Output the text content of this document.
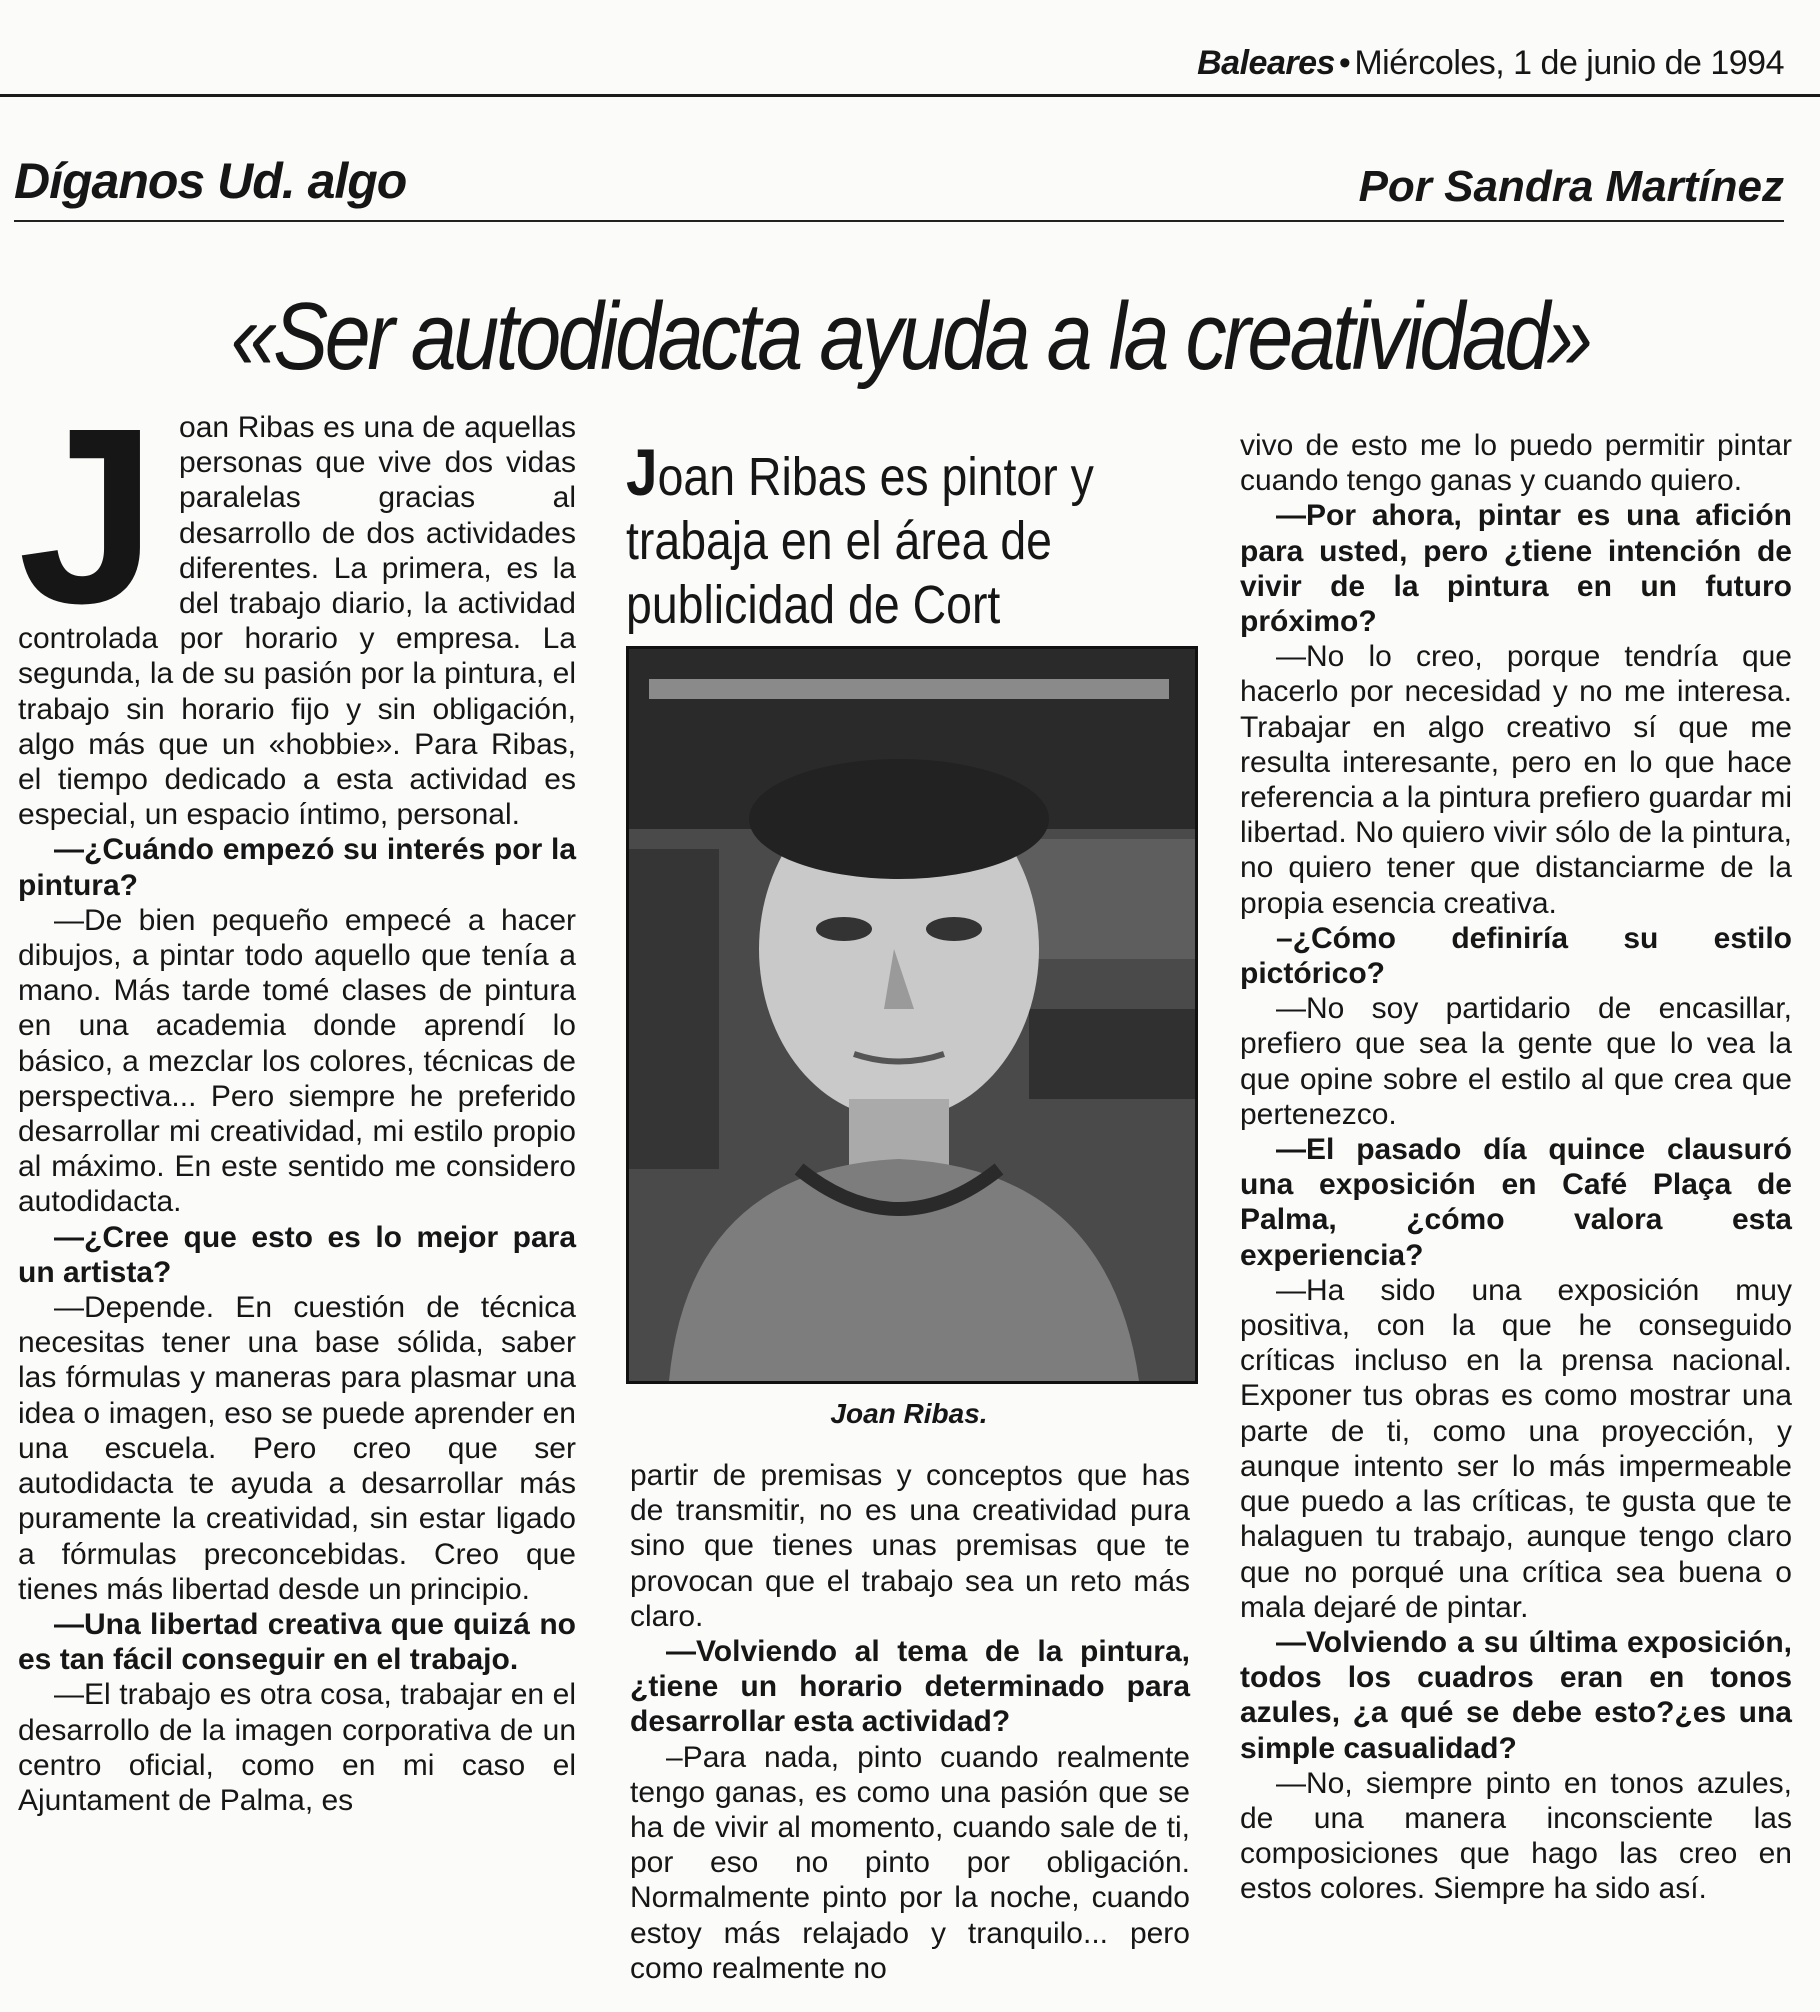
Baleares • Miércoles, 1 de junio de 1994
Díganos Ud. algo	Por Sandra Martínez
«Ser autodidacta ayuda a la creatividad»
J oan Ribas es una de aquellas personas que vive dos vidas paralelas gracias al desarrollo de dos actividades diferentes. La primera, es la del trabajo diario, la actividad controlada por horario y empresa. La segunda, la de su pasión por la pintura, el trabajo sin horario fijo y sin obligación, algo más que un «hobbie». Para Ribas, el tiempo dedicado a esta actividad es especial, un espacio íntimo, personal.

—¿Cuándo empezó su interés por la pintura?

—De bien pequeño empecé a hacer dibujos, a pintar todo aquello que tenía a mano. Más tarde tomé clases de pintura en una academia donde aprendí lo básico, a mezclar los colores, técnicas de perspectiva... Pero siempre he preferido desarrollar mi creatividad, mi estilo propio al máximo. En este sentido me considero autodidacta.

—¿Cree que esto es lo mejor para un artista?

—Depende. En cuestión de técnica necesitas tener una base sólida, saber las fórmulas y maneras para plasmar una idea o imagen, eso se puede aprender en una escuela. Pero creo que ser autodidacta te ayuda a desarrollar más puramente la creatividad, sin estar ligado a fórmulas preconcebidas. Creo que tienes más libertad desde un principio.

—Una libertad creativa que quizá no es tan fácil conseguir en el trabajo.

—El trabajo es otra cosa, trabajar en el desarrollo de la imagen corporativa de un centro oficial, como en mi caso el Ajuntament de Palma, es

Joan Ribas es pintor y
trabaja en el área de
publicidad de Cort
Joan Ribas.

partir de premisas y conceptos que has de transmitir, no es una creatividad pura sino que tienes unas premisas que te provocan que el trabajo sea un reto más claro.

—Volviendo al tema de la pintura, ¿tiene un horario determinado para desarrollar esta actividad?

–Para nada, pinto cuando realmente tengo ganas, es como una pasión que se ha de vivir al momento, cuando sale de ti, por eso no pinto por obligación. Normalmente pinto por la noche, cuando estoy más relajado y tranquilo... pero como realmente no

vivo de esto me lo puedo permitir pintar cuando tengo ganas y cuando quiero.

—Por ahora, pintar es una afición para usted, pero ¿tiene intención de vivir de la pintura en un futuro próximo?

—No lo creo, porque tendría que hacerlo por necesidad y no me interesa. Trabajar en algo creativo sí que me resulta interesante, pero en lo que hace referencia a la pintura prefiero guardar mi libertad. No quiero vivir sólo de la pintura, no quiero tener que distanciarme de la propia esencia creativa.

–¿Cómo definiría su estilo pictórico?

—No soy partidario de encasillar, prefiero que sea la gente que lo vea la que opine sobre el estilo al que crea que pertenezco.

—El pasado día quince clausuró una exposición en Café Plaça de Palma, ¿cómo valora esta experiencia?

—Ha sido una exposición muy positiva, con la que he conseguido críticas incluso en la prensa nacional. Exponer tus obras es como mostrar una parte de ti, como una proyección, y aunque intento ser lo más impermeable que puedo a las críticas, te gusta que te halaguen tu trabajo, aunque tengo claro que no porqué una crítica sea buena o mala dejaré de pintar.

—Volviendo a su última exposición, todos los cuadros eran en tonos azules, ¿a qué se debe esto?¿es una simple casualidad?

—No, siempre pinto en tonos azules, de una manera inconsciente las composiciones que hago las creo en estos colores. Siempre ha sido así.
